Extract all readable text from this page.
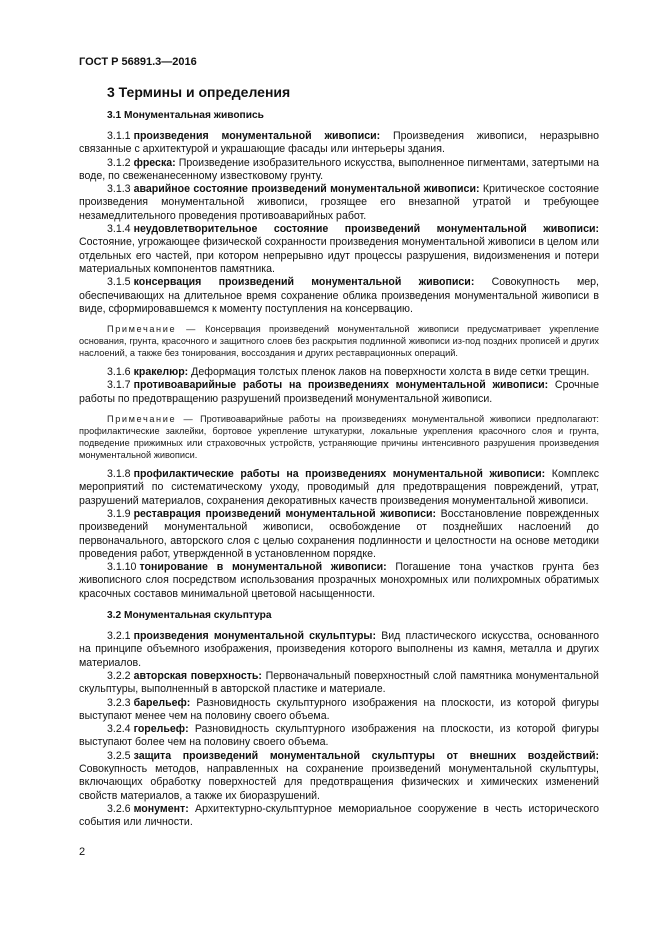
ГОСТ Р 56891.3—2016
3 Термины и определения
3.1 Монументальная живопись

3.1.1 произведения монументальной живописи: Произведения живописи, неразрывно связанные с архитектурой и украшающие фасады или интерьеры здания.

3.1.2 фреска: Произведение изобразительного искусства, выполненное пигментами, затертыми на воде, по свеженанесенному известковому грунту.

3.1.3 аварийное состояние произведений монументальной живописи: Критическое состояние произведения монументальной живописи, грозящее его внезапной утратой и требующее незамедлительного проведения противоаварийных работ.

3.1.4 неудовлетворительное состояние произведений монументальной живописи: Состояние, угрожающее физической сохранности произведения монументальной живописи в целом или отдельных его частей, при котором непрерывно идут процессы разрушения, видоизменения и потери материальных компонентов памятника.

3.1.5 консервация произведений монументальной живописи: Совокупность мер, обеспечивающих на длительное время сохранение облика произведения монументальной живописи в виде, сформировавшемся к моменту поступления на консервацию.

Примечание — Консервация произведений монументальной живописи предусматривает укрепление основания, грунта, красочного и защитного слоев без раскрытия подлинной живописи из-под поздних прописей и других наслоений, а также без тонирования, воссоздания и других реставрационных операций.

3.1.6 кракелюр: Деформация толстых пленок лаков на поверхности холста в виде сетки трещин.

3.1.7 противоаварийные работы на произведениях монументальной живописи: Срочные работы по предотвращению разрушений произведений монументальной живописи.

Примечание — Противоаварийные работы на произведениях монументальной живописи предполагают: профилактические заклейки, бортовое укрепление штукатурки, локальные укрепления красочного слоя и грунта, подведение прижимных или страховочных устройств, устраняющие причины интенсивного разрушения произведения монументальной живописи.

3.1.8 профилактические работы на произведениях монументальной живописи: Комплекс мероприятий по систематическому уходу, проводимый для предотвращения повреждений, утрат, разрушений материалов, сохранения декоративных качеств произведения монументальной живописи.

3.1.9 реставрация произведений монументальной живописи: Восстановление поврежденных произведений монументальной живописи, освобождение от позднейших наслоений до первоначального, авторского слоя с целью сохранения подлинности и целостности на основе методики проведения работ, утвержденной в установленном порядке.

3.1.10 тонирование в монументальной живописи: Погашение тона участков грунта без живописного слоя посредством использования прозрачных монохромных или полихромных обратимых красочных составов минимальной цветовой насыщенности.

3.2 Монументальная скульптура

3.2.1 произведения монументальной скульптуры: Вид пластического искусства, основанного на принципе объемного изображения, произведения которого выполнены из камня, металла и других материалов.

3.2.2 авторская поверхность: Первоначальный поверхностный слой памятника монументальной скульптуры, выполненный в авторской пластике и материале.

3.2.3 барельеф: Разновидность скульптурного изображения на плоскости, из которой фигуры выступают менее чем на половину своего объема.

3.2.4 горельеф: Разновидность скульптурного изображения на плоскости, из которой фигуры выступают более чем на половину своего объема.

3.2.5 защита произведений монументальной скульптуры от внешних воздействий: Совокупность методов, направленных на сохранение произведений монументальной скульптуры, включающих обработку поверхностей для предотвращения физических и химических изменений свойств материалов, а также их биоразрушений.

3.2.6 монумент: Архитектурно-скульптурное мемориальное сооружение в честь исторического события или личности.

2
